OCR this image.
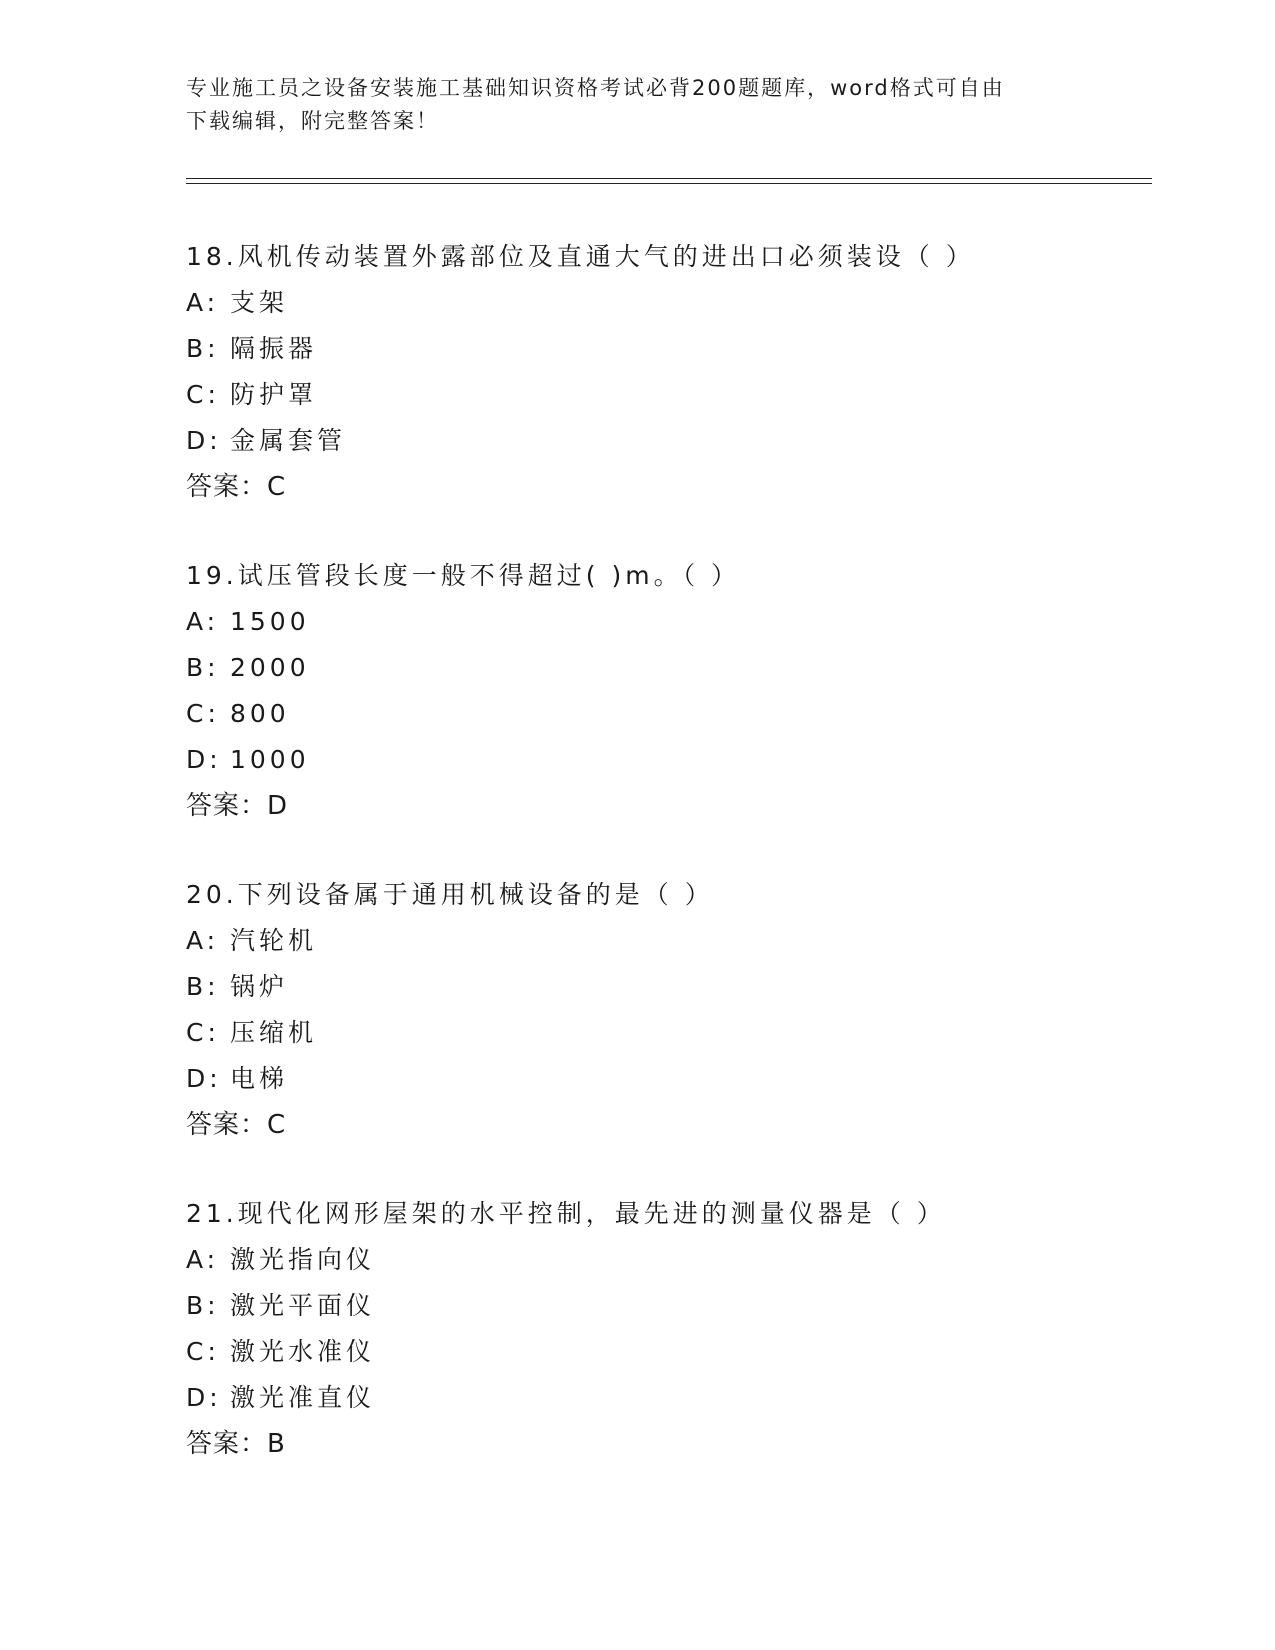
专业施工员之设备安装施工基础知识资格考试必背200题题库，word格式可自由
下载编辑，附完整答案！
18.风机传动装置外露部位及直通大气的进出口必须装设（ ）
A: 支架
B: 隔振器
C: 防护罩
D: 金属套管
答案：C
19.试压管段长度一般不得超过( )m。（ ）
A: 1500
B: 2000
C: 800
D: 1000
答案：D
20.下列设备属于通用机械设备的是（ ）
A: 汽轮机
B: 锅炉
C: 压缩机
D: 电梯
答案：C
21.现代化网形屋架的水平控制，最先进的测量仪器是（ ）
A: 激光指向仪
B: 激光平面仪
C: 激光水准仪
D: 激光准直仪
答案：B
